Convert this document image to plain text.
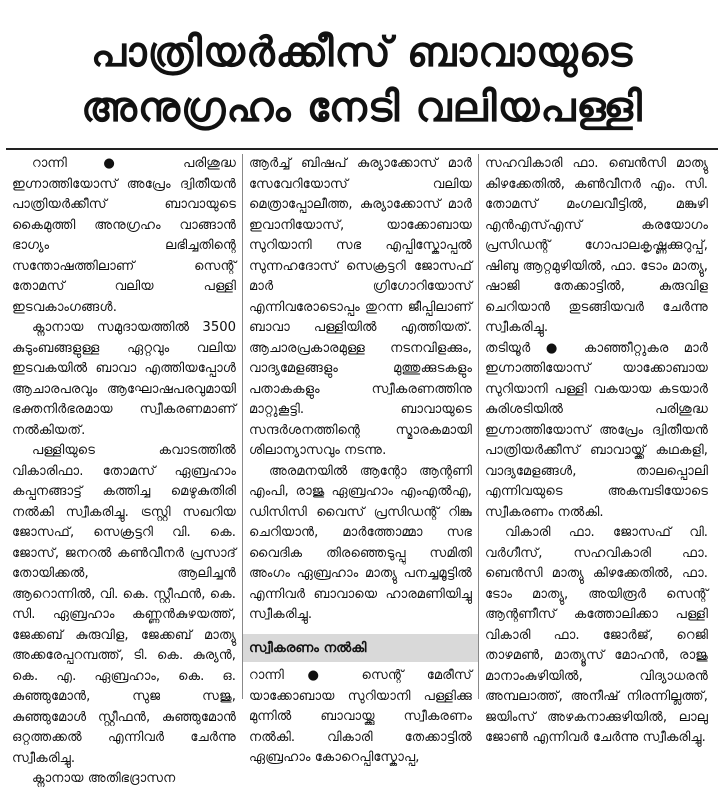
പാത്രിയർക്കീസ് ബാവായുടെ
അനുഗ്രഹം നേടി വലിയപള്ളി

റാന്നി ● പരിശുദ്ധ ഇഗ്നാത്തിയോസ് അപ്രേം ദ്വിതീയൻ പാത്രിയർക്കീസ് ബാവായുടെ കൈമുത്തി അനുഗ്രഹം വാങ്ങാൻ ഭാഗ്യം ലഭിച്ചതിന്റെ സന്തോഷത്തിലാണ് സെന്റ് തോമസ് വലിയ പള്ളി ഇടവകാംഗങ്ങൾ.

ക്നാനായ സമുദായത്തിൽ 3500 കുടുംബങ്ങളുള്ള ഏറ്റവും വലിയ ഇടവകയിൽ ബാവാ എത്തിയപ്പോൾ ആചാരപരവും ആഘോഷപരവുമായി ഭക്തനിർഭരമായ സ്വീകരണമാണ് നൽകിയത്.

പള്ളിയുടെ കവാടത്തിൽ വികാരിഫാ. തോമസ് ഏബ്രഹാം കപ്പനങ്ങാട്ട് കത്തിച്ച മെഴുകുതിരി നൽകി സ്വീകരിച്ചു. ട്രസ്റ്റി സഖറിയ ജോസഫ്, സെക്രട്ടറി വി. കെ. ജോസ്, ജനറൽ കൺവീനർ പ്രസാദ് തോയിക്കൽ, ആലിച്ചൻ ആറൊന്നിൽ, വി. കെ. സ്റ്റീഫൻ, കെ. സി. ഏബ്രഹാം കണ്ണൻകുഴയത്ത്, ജേക്കബ് കുരുവിള, ജേക്കബ് മാത്യു അക്കരേപ്പറമ്പത്ത്, ടി. കെ. കുര്യൻ, കെ. എ. ഏബ്രഹാം, കെ. ഒ. കുഞ്ഞുമോൻ, സുജ സജു, കുഞ്ഞുമോൾ സ്റ്റീഫൻ, കുഞ്ഞുമോൻ ഒറ്റത്തക്കൽ എന്നിവർ ചേർന്നു സ്വീകരിച്ചു.

ക്നാനായ അതിഭദ്രാസന

ആർച്ച് ബിഷപ് കുര്യാക്കോസ് മാർ സേവേറിയോസ് വലിയ മെത്രാപ്പോലീത്ത, കുര്യാക്കോസ് മാർ ഇവാനിയോസ്, യാക്കോബായ സുറിയാനി സഭ എപ്പിസ്കോപ്പൽ സുന്നഹദോസ് സെക്രട്ടറി ജോസഫ് മാർ ഗ്രിഗോറിയോസ് എന്നിവരോടൊപ്പം തുറന്ന ജീപ്പിലാണ് ബാവാ പള്ളിയിൽ എത്തിയത്. ആചാരപ്രകാരമുള്ള നടനവിളക്കും, വാദ്യമേളങ്ങളും മുത്തുക്കുടകളും പതാകകളും സ്വീകരണത്തിനു മാറ്റുകൂട്ടി. ബാവായുടെ സന്ദർശനത്തിന്റെ സ്മാരകമായി ശിലാന്യാസവും നടന്നു.

അരമനയിൽ ആന്റോ ആന്റണി എംപി, രാജു ഏബ്രഹാം എംഎൽഎ, ഡിസിസി വൈസ് പ്രസിഡന്റ് റിങ്കു ചെറിയാൻ, മാർത്തോമ്മാ സഭ വൈദിക തിരഞ്ഞെടുപ്പു സമിതി അംഗം ഏബ്രഹാം മാത്യു പനച്ചമൂട്ടിൽ എന്നിവർ ബാവായെ ഹാരമണിയിച്ചു സ്വീകരിച്ചു.

സ്വീകരണം നൽകി

റാന്നി ● സെന്റ് മേരീസ് യാക്കോബായ സുറിയാനി പള്ളിക്കു മുന്നിൽ ബാവായ്ക്കു സ്വീകരണം നൽകി. വികാരി തേക്കാട്ടിൽ ഏബ്രഹാം കോറെപ്പിസ്കോപ്പ,

സഹവികാരി ഫാ. ബെൻസി മാത്യു കിഴക്കേതിൽ, കൺവീനർ എം. സി. തോമസ് മംഗലവീട്ടിൽ, മങ്കുഴി എൻഎസ്എസ് കരയോഗം പ്രസിഡന്റ് ഗോപാലകൃഷ്ണക്കുറുപ്പ്, ഷിബു ആറ്റമുഴിയിൽ, ഫാ. ടോം മാത്യു, ഷാജി തേക്കാട്ടിൽ, കുരുവിള ചെറിയാൻ തുടങ്ങിയവർ ചേർന്നു സ്വീകരിച്ചു.

തടിയൂർ ● കാഞ്ഞീറ്റുകര മാർ ഇഗ്നാത്തിയോസ് യാക്കോബായ സുറിയാനി പള്ളി വകയായ കടയാർ കുരിശടിയിൽ പരിശുദ്ധ ഇഗ്നാത്തിയോസ് അപ്രേം ദ്വിതീയൻ പാത്രിയർക്കീസ് ബാവായ്ക്ക് കഥകളി, വാദ്യമേളങ്ങൾ, താലപ്പൊലി എന്നിവയുടെ അകമ്പടിയോടെ സ്വീകരണം നൽകി.

വികാരി ഫാ. ജോസഫ് വി. വർഗീസ്, സഹവികാരി ഫാ. ബെൻസി മാത്യു കിഴക്കേതിൽ, ഫാ. ടോം മാത്യു, അയിരൂർ സെന്റ് ആന്റണീസ് കത്തോലിക്കാ പള്ളി വികാരി ഫാ. ജോർജ്, റെജി താഴമൺ, മാത്യൂസ് മോഹൻ, രാജു മാനാംകുഴിയിൽ, വിദ്യാധരൻ അമ്പലാത്ത്, അനീഷ് നിരന്നില്ലത്ത്, ജയിംസ് അഴകനാക്കുഴിയിൽ, ലാലു ജോൺ എന്നിവർ ചേർന്നു സ്വീകരിച്ചു.
